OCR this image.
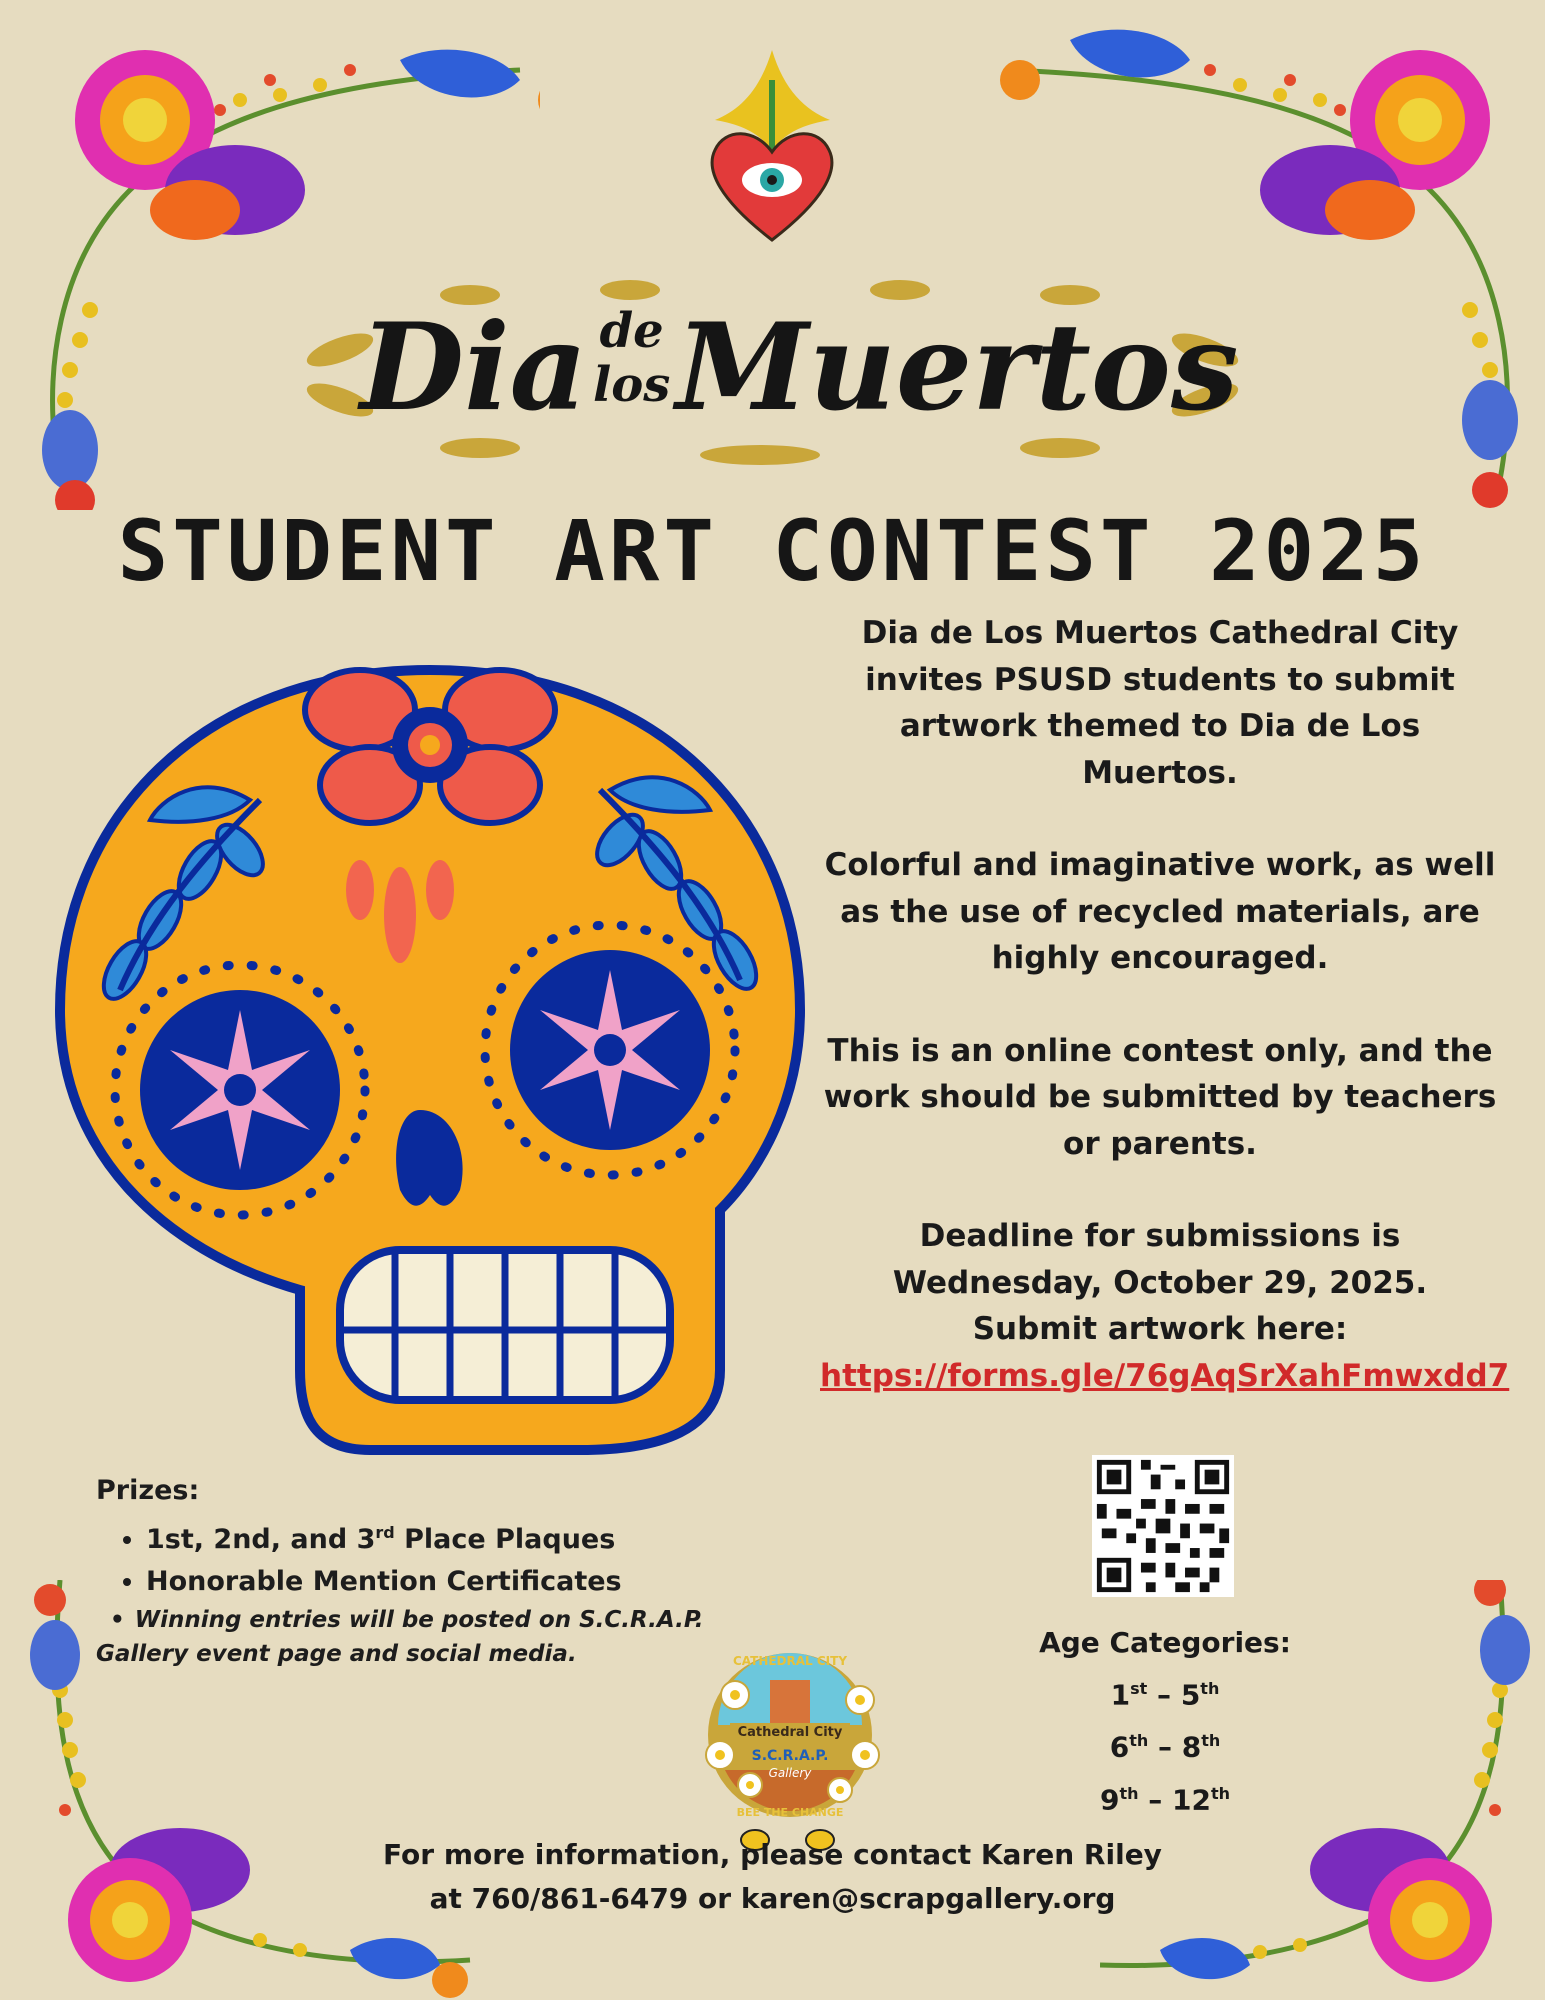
Dia de
los Muertos
STUDENT ART CONTEST 2025

Dia de Los Muertos Cathedral City invites PSUSD students to submit artwork themed to Dia de Los Muertos.

Colorful and imaginative work, as well as the use of recycled materials, are highly encouraged.

This is an online contest only, and the work should be submitted by teachers or parents.

Deadline for submissions is Wednesday, October 29, 2025.

Submit artwork here:

https://forms.gle/76gAqSrXahFmwxdd7

Prizes:
• 1st, 2nd, and 3rd Place Plaques
• Honorable Mention Certificates
• Winning entries will be posted on S.C.R.A.P. Gallery event page and social media.	Age Categories:
1st – 5th
6th – 8th
9th – 12th
CATHEDRAL CITY
Cathedral City
S.C.R.A.P.
Gallery
BEE THE CHANGE
For more information, please contact Karen Riley
at 760/861-6479 or karen@scrapgallery.org
